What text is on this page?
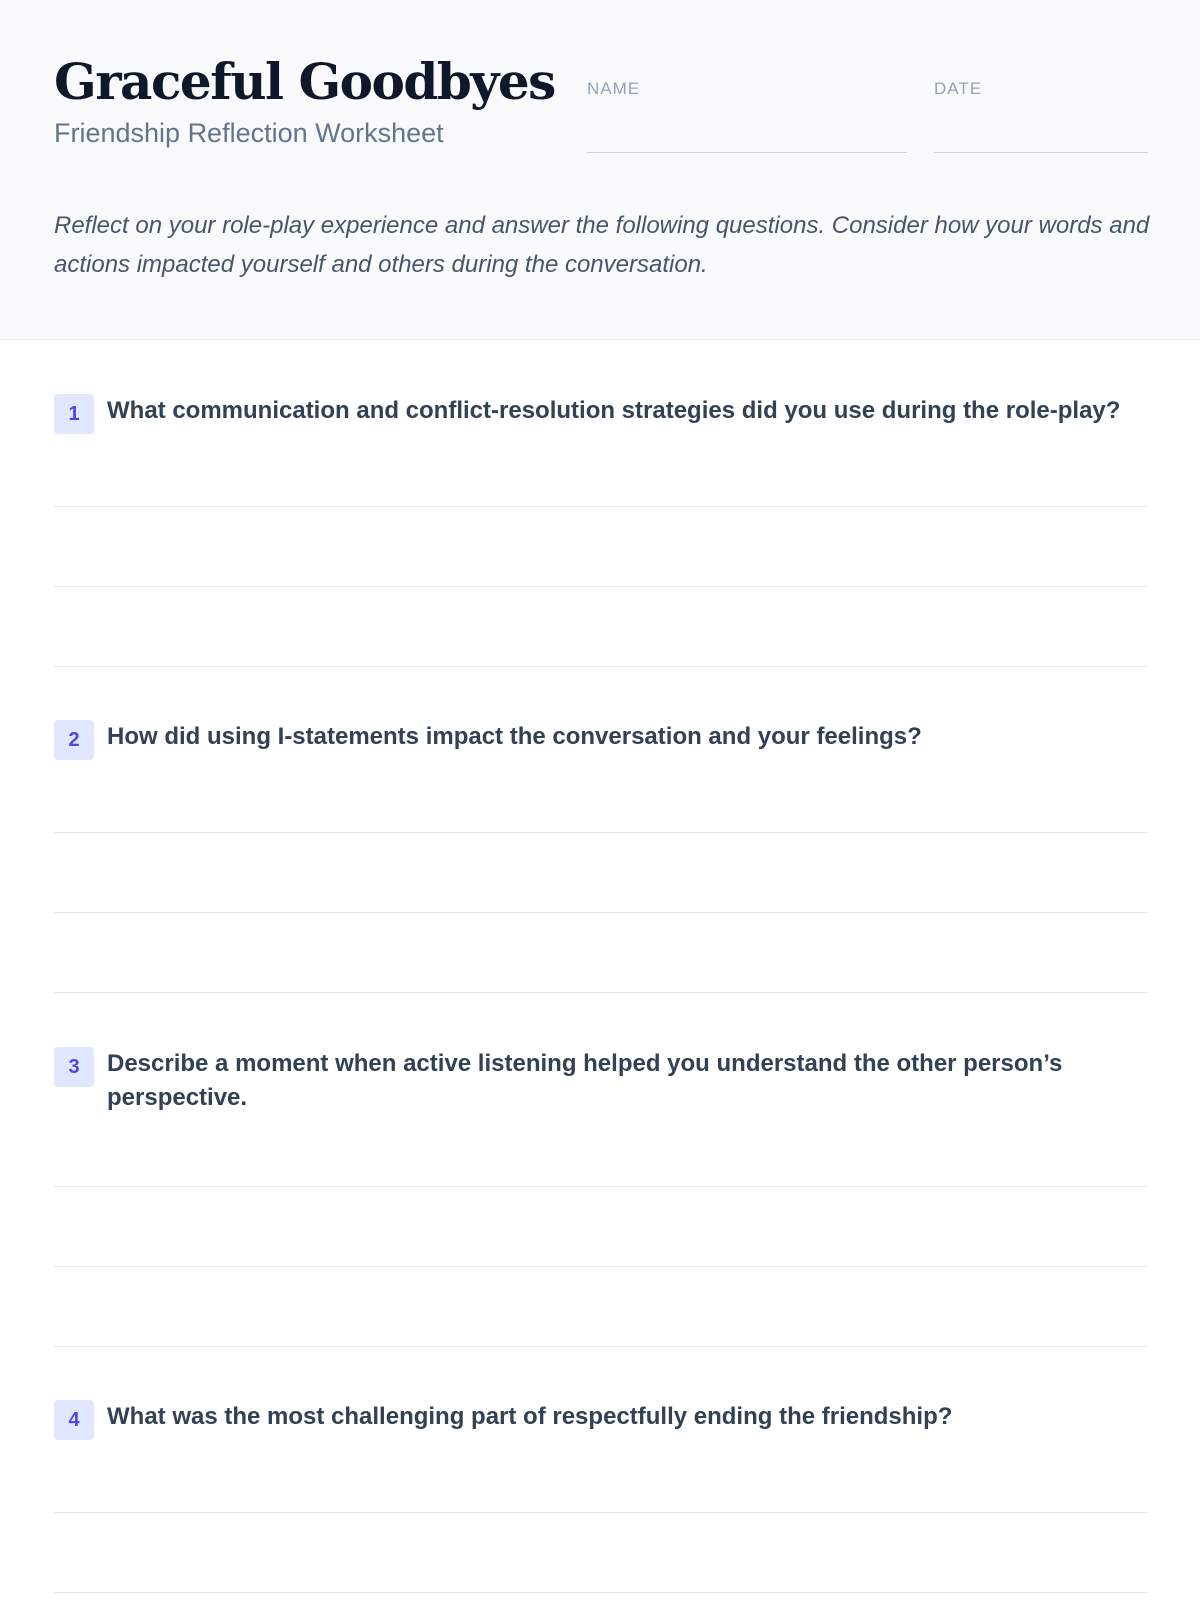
Graceful Goodbyes
Friendship Reflection Worksheet
NAME	DATE
Reflect on your role-play experience and answer the following questions. Consider how your words and actions impacted yourself and others during the conversation.
1	What communication and conflict-resolution strategies did you use during the role-play?
2	How did using I-statements impact the conversation and your feelings?
3	Describe a moment when active listening helped you understand the other person’s perspective.
4	What was the most challenging part of respectfully ending the friendship?
